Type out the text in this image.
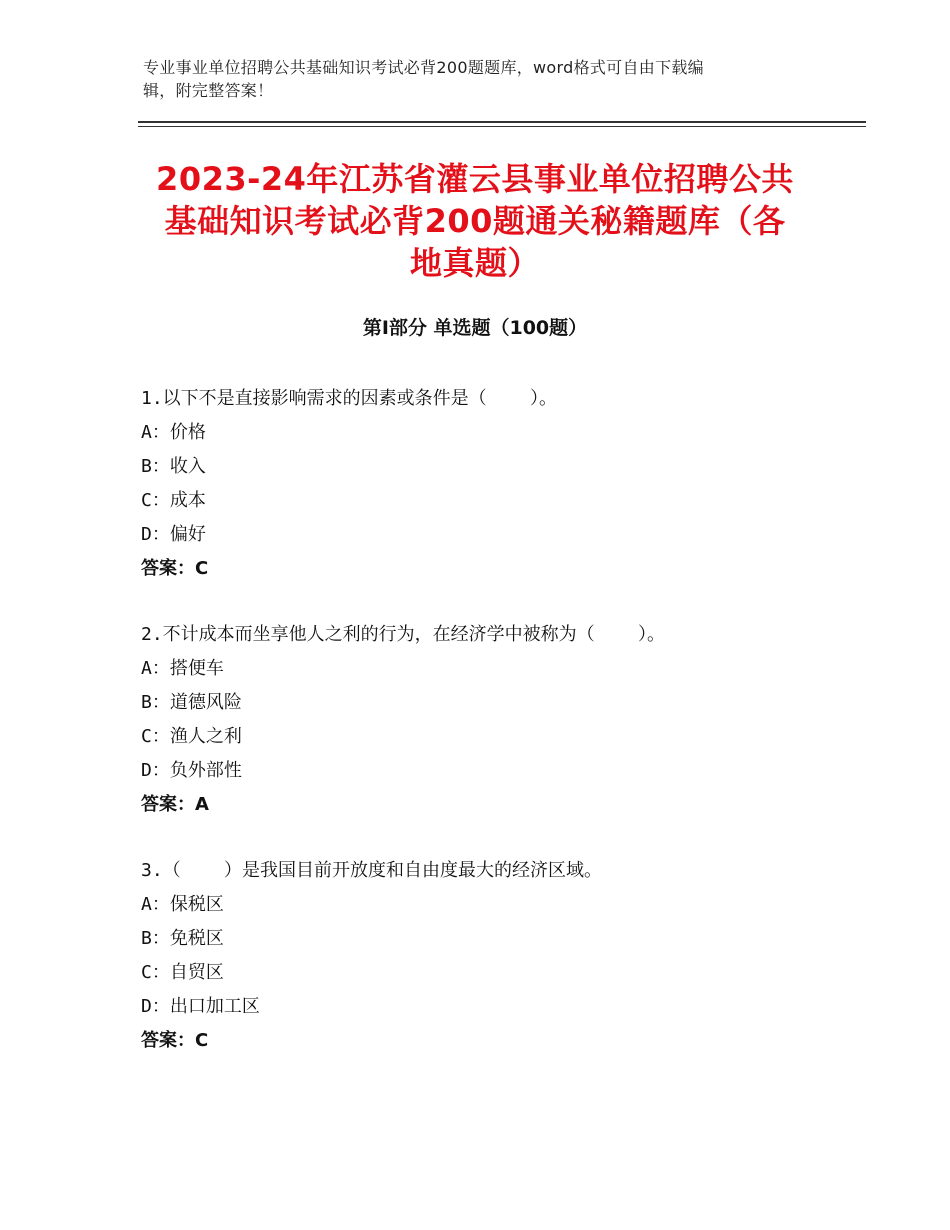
专业事业单位招聘公共基础知识考试必背200题题库，word格式可自由下载编
辑，附完整答案！
2023-24年江苏省灌云县事业单位招聘公共
基础知识考试必背200题通关秘籍题库（各
地真题）
第Ⅰ部分 单选题（100题）
1.以下不是直接影响需求的因素或条件是（    ）。
A：价格
B：收入
C：成本
D：偏好
答案：C
2.不计成本而坐享他人之利的行为，在经济学中被称为（    ）。
A：搭便车
B：道德风险
C：渔人之利
D：负外部性
答案：A
3.（    ）是我国目前开放度和自由度最大的经济区域。
A：保税区
B：免税区
C：自贸区
D：出口加工区
答案：C
